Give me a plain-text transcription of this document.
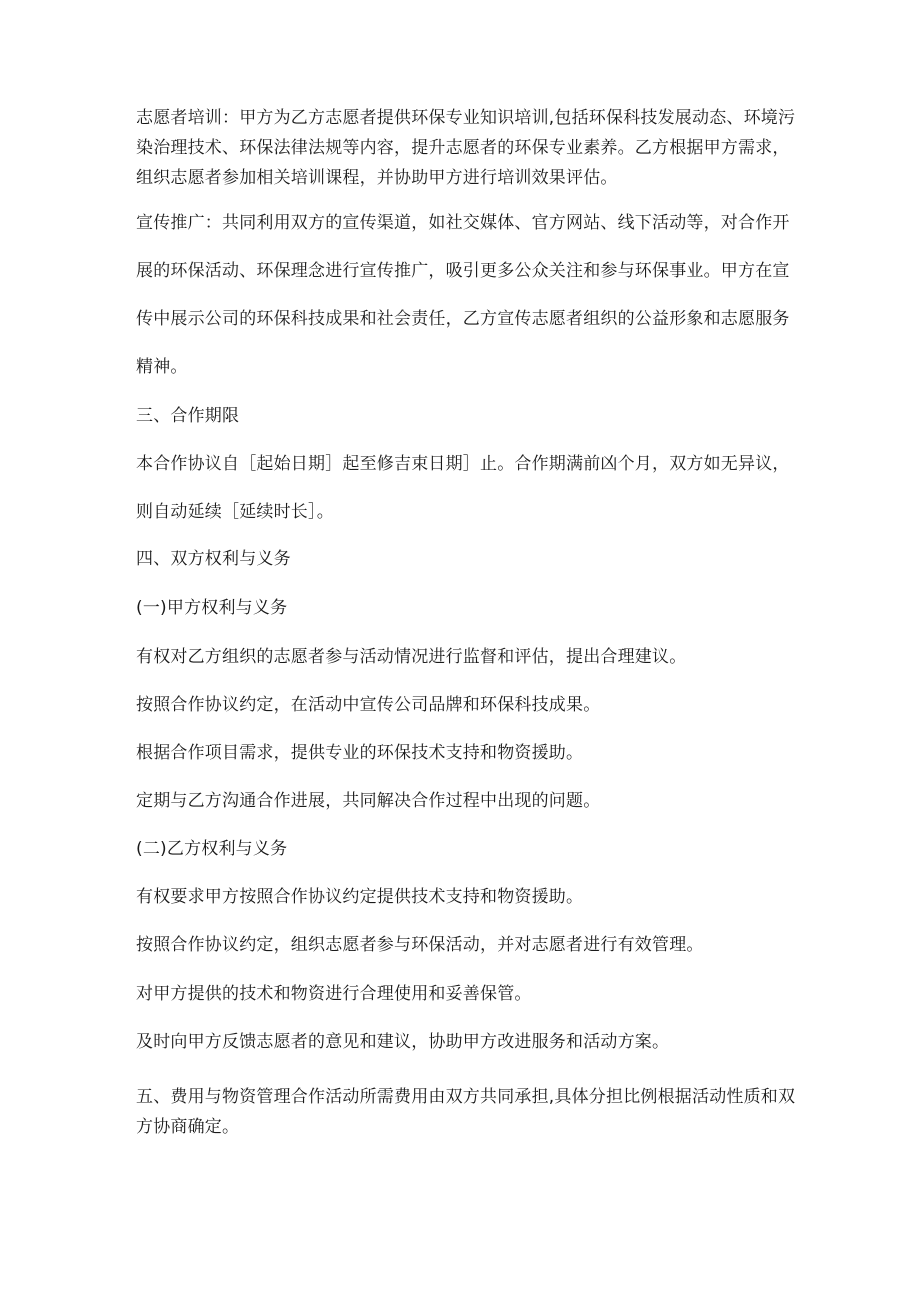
志愿者培训：甲方为乙方志愿者提供环保专业知识培训,包括环保科技发展动态、环境污
染治理技术、环保法律法规等内容，提升志愿者的环保专业素养。乙方根据甲方需求，
组织志愿者参加相关培训课程，并协助甲方进行培训效果评估。

宣传推广：共同利用双方的宣传渠道，如社交媒体、官方网站、线下活动等，对合作开
展的环保活动、环保理念进行宣传推广，吸引更多公众关注和参与环保事业。甲方在宣
传中展示公司的环保科技成果和社会责任，乙方宣传志愿者组织的公益形象和志愿服务
精神。

三、合作期限

本合作协议自［起始日期］起至修吉束日期］止。合作期满前凶个月，双方如无异议，
则自动延续［延续时长］。

四、双方权利与义务

(一)甲方权利与义务

有权对乙方组织的志愿者参与活动情况进行监督和评估，提出合理建议。

按照合作协议约定，在活动中宣传公司品牌和环保科技成果。

根据合作项目需求，提供专业的环保技术支持和物资援助。

定期与乙方沟通合作进展，共同解决合作过程中出现的问题。

(二)乙方权利与义务

有权要求甲方按照合作协议约定提供技术支持和物资援助。

按照合作协议约定，组织志愿者参与环保活动，并对志愿者进行有效管理。

对甲方提供的技术和物资进行合理使用和妥善保管。

及时向甲方反馈志愿者的意见和建议，协助甲方改进服务和活动方案。

五、费用与物资管理合作活动所需费用由双方共同承担,具体分担比例根据活动性质和双
方协商确定。
